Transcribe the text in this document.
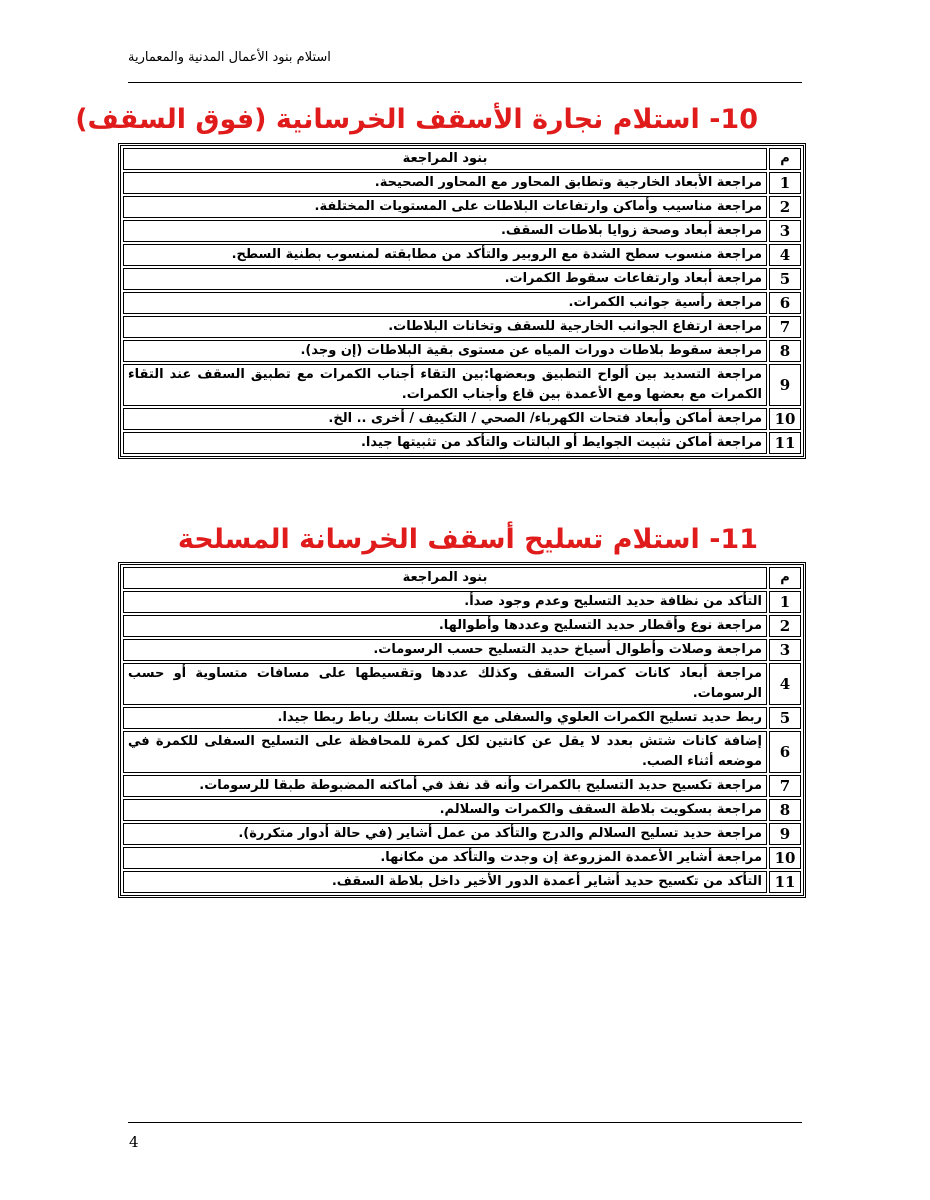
استلام بنود الأعمال المدنية والمعمارية
10- استلام نجارة الأسقف الخرسانية (فوق السقف)
م	بنود المراجعة
1	مراجعة الأبعاد الخارجية وتطابق المحاور مع المحاور الصحيحة.
2	مراجعة مناسيب وأماكن وارتفاعات البلاطات على المستويات المختلفة.
3	مراجعة أبعاد وصحة زوايا بلاطات السقف.
4	مراجعة منسوب سطح الشدة مع الروبير والتأكد من مطابقته لمنسوب بطنية السطح.
5	مراجعة أبعاد وارتفاعات سقوط الكمرات.
6	مراجعة رأسية جوانب الكمرات.
7	مراجعة ارتفاع الجوانب الخارجية للسقف وتخانات البلاطات.
8	مراجعة سقوط بلاطات دورات المياه عن مستوى بقية البلاطات (إن وجد).
9	مراجعة التسديد بين ألواح التطبيق وبعضها:بين التقاء أجناب الكمرات مع تطبيق السقف عند التقاء الكمرات مع بعضها ومع الأعمدة بين قاع وأجناب الكمرات.
10	مراجعة أماكن وأبعاد فتحات الكهرباء/ الصحي / التكييف / أخرى .. الخ.
11	مراجعة أماكن تثبيت الجوايط أو البالتات والتأكد من تثبيتها جيدا.
11- استلام تسليح أسقف الخرسانة المسلحة
م	بنود المراجعة
1	التأكد من نظافة حديد التسليح وعدم وجود صدأ.
2	مراجعة نوع وأقطار حديد التسليح وعددها وأطوالها.
3	مراجعة وصلات وأطوال أسياخ حديد التسليح حسب الرسومات.
4	مراجعة أبعاد كانات كمرات السقف وكذلك عددها وتقسيطها على مسافات متساوية أو حسب الرسومات.
5	ربط حديد تسليح الكمرات العلوي والسفلى مع الكانات بسلك رباط ربطا جيدا.
6	إضافة كانات شتش بعدد لا يقل عن كانتين لكل كمرة للمحافظة على التسليح السفلى للكمرة في موضعه أثناء الصب.
7	مراجعة تكسيح حديد التسليح بالكمرات وأنه قد نفذ في أماكنه المضبوطة طبقا للرسومات.
8	مراجعة بسكويت بلاطة السقف والكمرات والسلالم.
9	مراجعة حديد تسليح السلالم والدرج والتأكد من عمل أشاير (في حالة أدوار متكررة).
10	مراجعة أشاير الأعمدة المزروعة إن وجدت والتأكد من مكانها.
11	التأكد من تكسيح حديد أشاير أعمدة الدور الأخير داخل بلاطة السقف.
4
